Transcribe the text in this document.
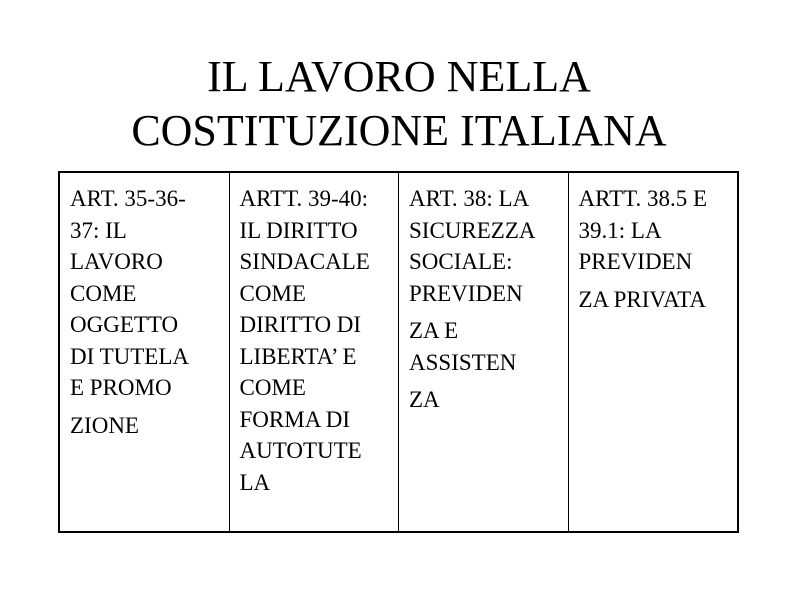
IL LAVORO NELLA
COSTITUZIONE ITALIANA
ART. 35-36-
37: IL
LAVORO
COME
OGGETTO
DI TUTELA
E PROMO
ZIONE
ARTT. 39-40:
IL DIRITTO
SINDACALE
COME
DIRITTO DI
LIBERTA’ E
COME
FORMA DI
AUTOTUTE
LA
ART. 38: LA
SICUREZZA
SOCIALE:
PREVIDEN
ZA E
ASSISTEN
ZA
ARTT. 38.5 E
39.1: LA
PREVIDEN
ZA PRIVATA
